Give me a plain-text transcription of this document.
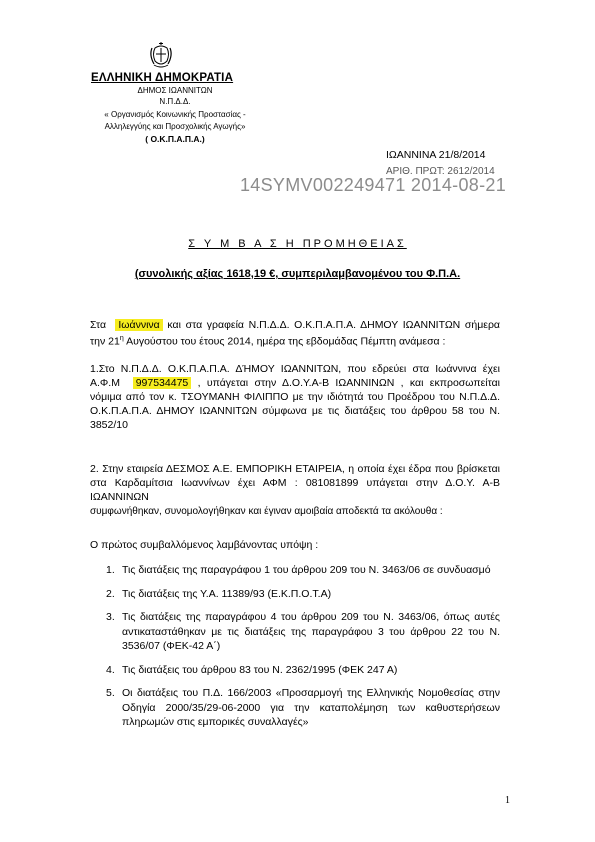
ΕΛΛΗΝΙΚΗ ΔΗΜΟΚΡΑΤΙΑ
ΔΗΜΟΣ ΙΩΑΝΝΙΤΩΝ
Ν.Π.Δ.Δ.
« Οργανισμός Κοινωνικής Προστασίας -
Αλληλεγγύης και Προσχολικής Αγωγής»
( Ο.Κ.Π.Α.Π.Α.)
ΙΩΑΝΝΙΝΑ 21/8/2014
ΑΡΙΘ. ΠΡΩΤ: 2612/2014
14SYMV002249471 2014-08-21
Σ Υ Μ Β Α Σ Η ΠΡΟΜΗΘΕΙΑΣ
(συνολικής αξίας 1618,19 €, συμπεριλαμβανομένου του Φ.Π.Α.
Στα Ιωάννινα και στα γραφεία Ν.Π.Δ.Δ. Ο.Κ.Π.Α.Π.Α. ΔΗΜΟΥ ΙΩΑΝΝΙΤΩΝ σήμερα την $21^\eta$ Αυγούστου του έτους 2014, ημέρα της εβδομάδας Πέμπτη ανάμεσα :
1.Στο Ν.Π.Δ.Δ. Ο.Κ.Π.Α.Π.Α. ΔΉΜΟΥ ΙΩΑΝΝΙΤΩΝ, που εδρεύει στα Ιωάννινα έχει Α.Φ.Μ 997534475 , υπάγεται στην Δ.Ο.Υ.Α-Β ΙΩΑΝΝΙΝΩΝ , και εκπροσωπείται νόμιμα από τον κ. ΤΣΟΥΜΑΝΗ ΦΙΛΙΠΠΟ με την ιδιότητά του Προέδρου του Ν.Π.Δ.Δ. Ο.Κ.Π.Α.Π.Α. ΔΗΜΟΥ ΙΩΑΝΝΙΤΩΝ σύμφωνα με τις διατάξεις του άρθρου 58 του Ν. 3852/10
2. Στην εταιρεία ΔΕΣΜΟΣ Α.Ε. ΕΜΠΟΡΙΚΗ ΕΤΑΙΡΕΙΑ, η οποία έχει έδρα που βρίσκεται στα Καρδαμίτσια Ιωαννίνων έχει ΑΦΜ : 081081899 υπάγεται στην Δ.Ο.Υ. Α-Β ΙΩΑΝΝΙΝΩΝ
συμφωνήθηκαν, συνομολογήθηκαν και έγιναν αμοιβαία αποδεκτά τα ακόλουθα :
Ο πρώτος συμβαλλόμενος λαμβάνοντας υπόψη :
1. Τις διατάξεις της παραγράφου 1 του άρθρου 209 του Ν. 3463/06 σε συνδυασμό
2. Τις διατάξεις της Υ.Α. 11389/93 (Ε.Κ.Π.Ο.Τ.Α)
3. Τις διατάξεις της παραγράφου 4 του άρθρου 209 του Ν. 3463/06, όπως αυτές αντικαταστάθηκαν με τις διατάξεις της παραγράφου 3 του άρθρου 22 του Ν. 3536/07 (ΦΕΚ-42 Α΄)
4. Τις διατάξεις του άρθρου 83 του Ν. 2362/1995 (ΦΕΚ 247 Α)
5. Οι διατάξεις του Π.Δ. 166/2003 «Προσαρμογή της Ελληνικής Νομοθεσίας στην Οδηγία 2000/35/29-06-2000 για την καταπολέμηση των καθυστερήσεων πληρωμών στις εμπορικές συναλλαγές»
1
